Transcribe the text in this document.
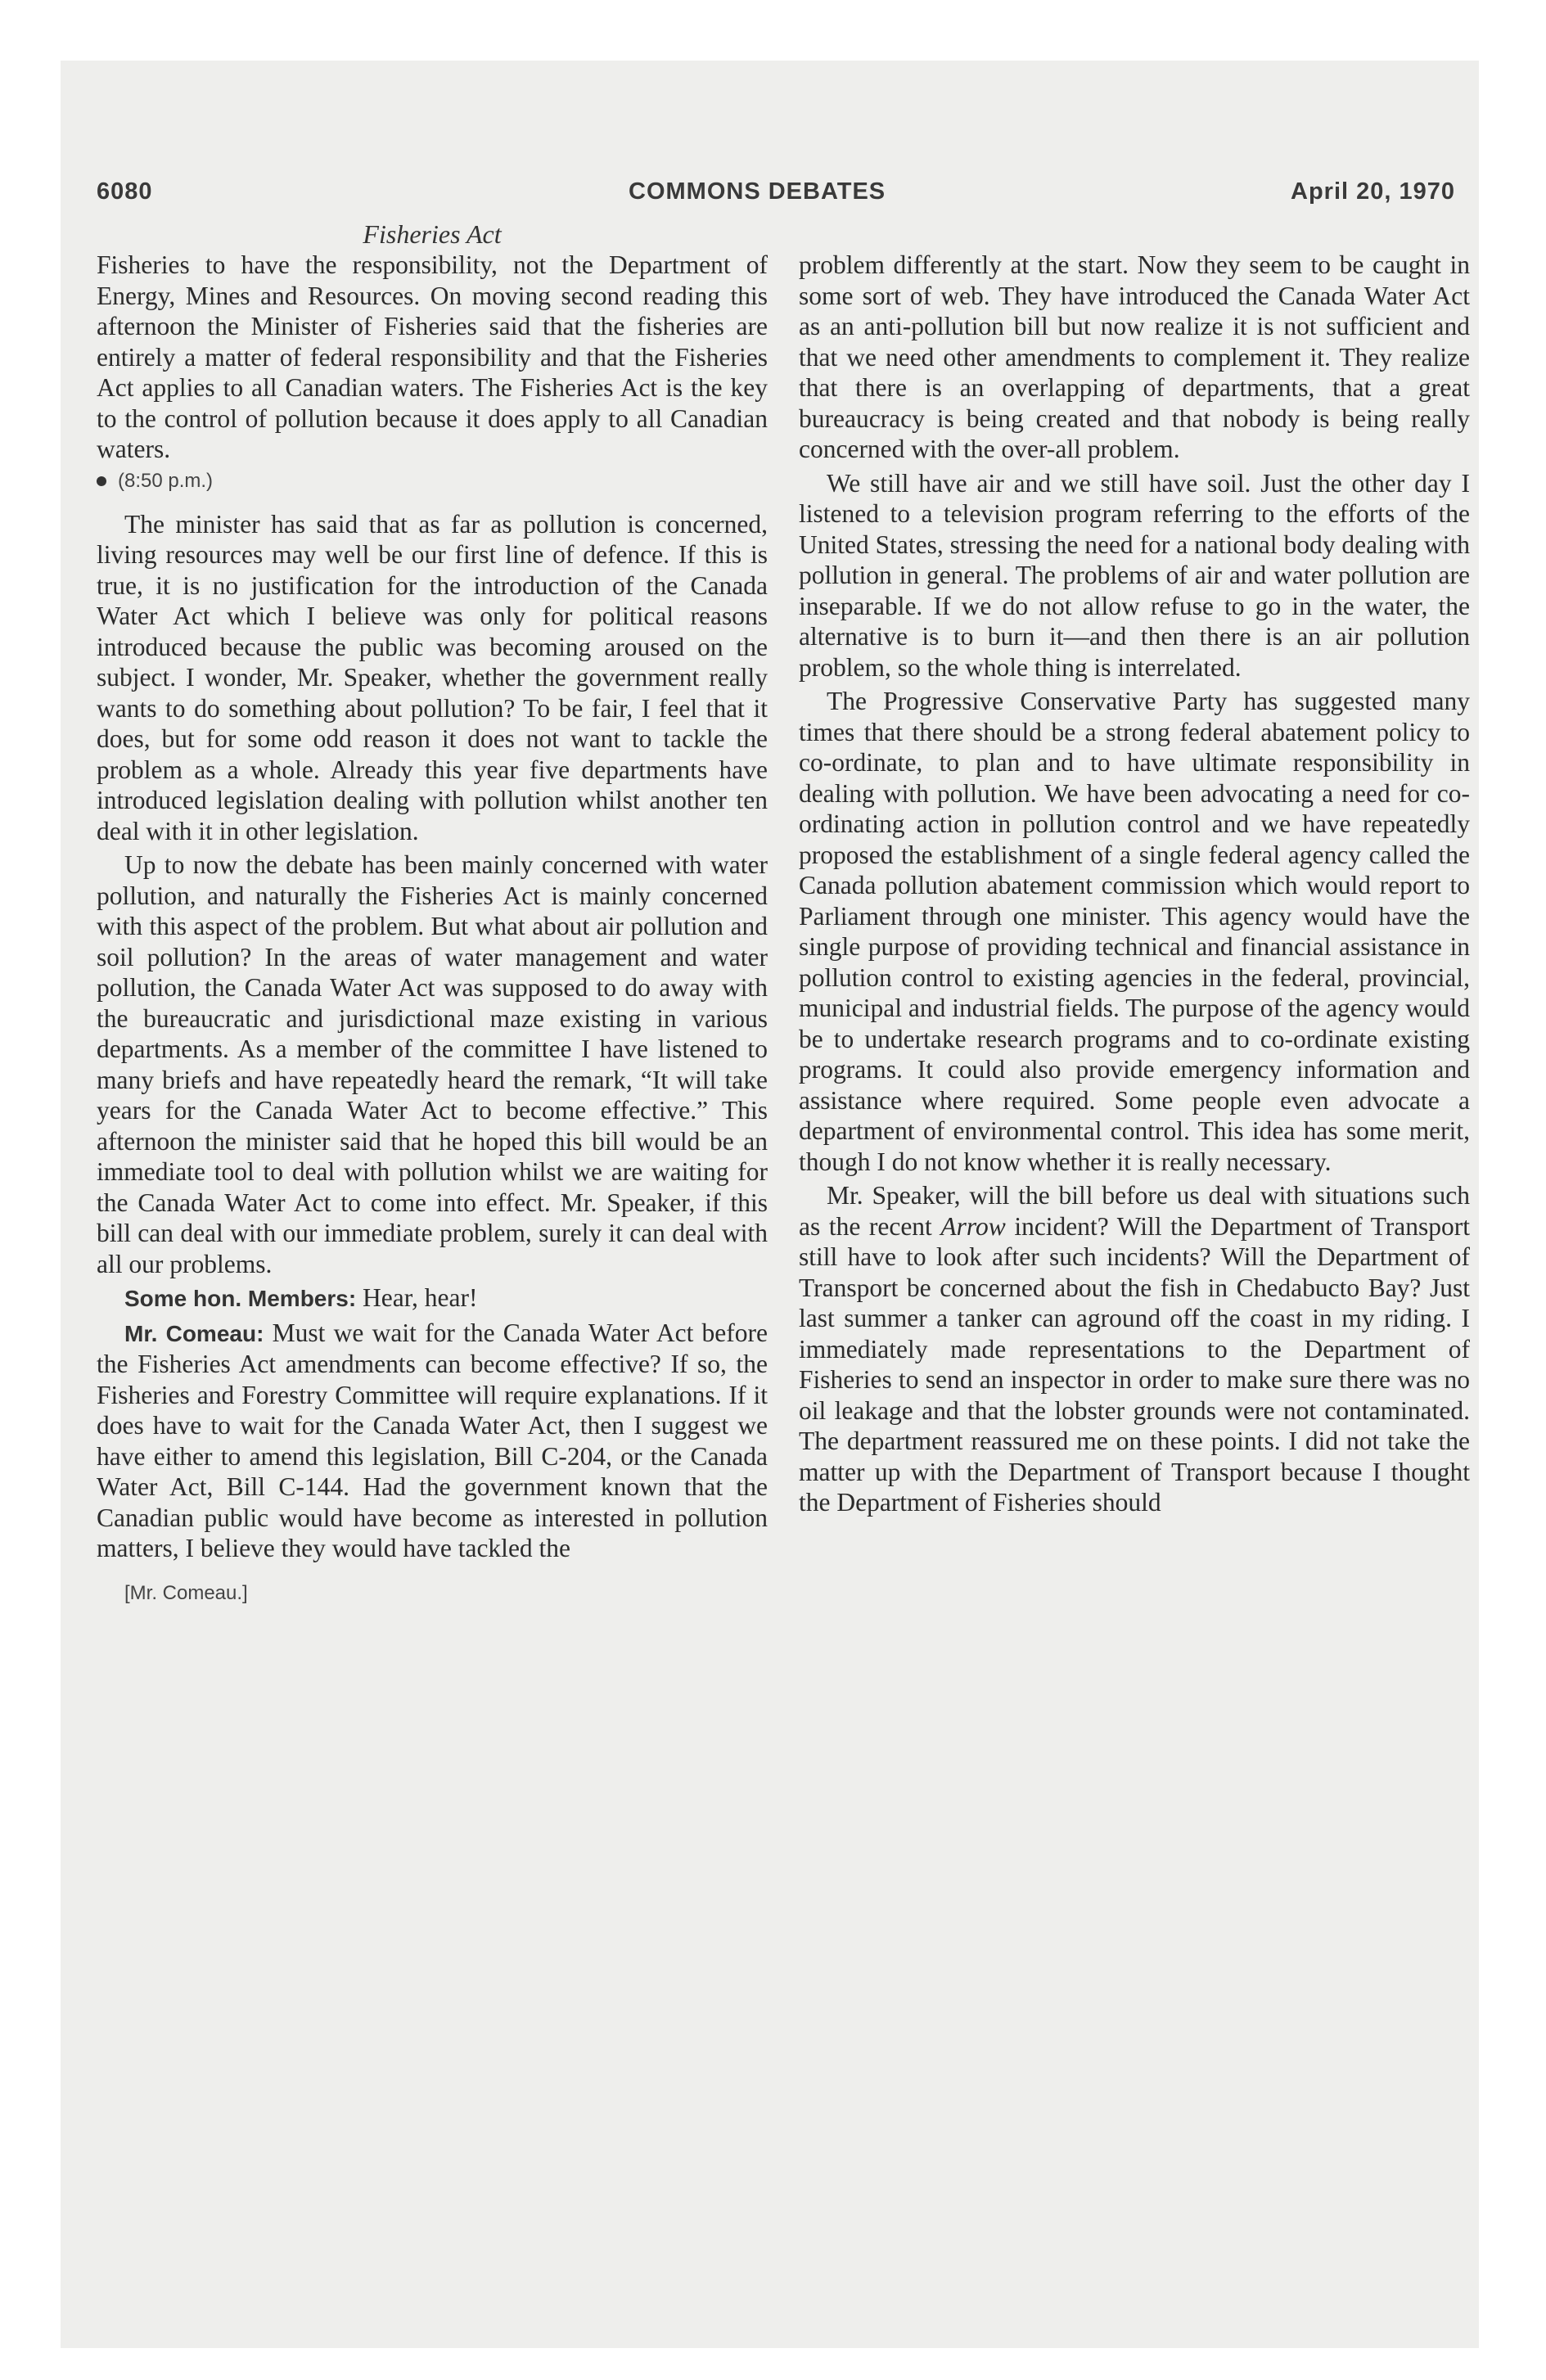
6080	COMMONS DEBATES	April 20, 1970
Fisheries Act

Fisheries to have the responsibility, not the Department of Energy, Mines and Resources. On moving second reading this afternoon the Minister of Fisheries said that the fisheries are entirely a matter of federal responsibility and that the Fisheries Act applies to all Canadian waters. The Fisheries Act is the key to the control of pollution because it does apply to all Canadian waters.

(8:50 p.m.)

The minister has said that as far as pollution is concerned, living resources may well be our first line of defence. If this is true, it is no justification for the introduction of the Canada Water Act which I believe was only for political reasons introduced because the public was becoming aroused on the subject. I wonder, Mr. Speaker, whether the government really wants to do something about pollution? To be fair, I feel that it does, but for some odd reason it does not want to tackle the problem as a whole. Already this year five departments have introduced legislation dealing with pollution whilst another ten deal with it in other legislation.

Up to now the debate has been mainly concerned with water pollution, and naturally the Fisheries Act is mainly concerned with this aspect of the problem. But what about air pollution and soil pollution? In the areas of water management and water pollution, the Canada Water Act was supposed to do away with the bureaucratic and jurisdictional maze existing in various departments. As a member of the committee I have listened to many briefs and have repeatedly heard the remark, “It will take years for the Canada Water Act to become effective.” This afternoon the minister said that he hoped this bill would be an immediate tool to deal with pollution whilst we are waiting for the Canada Water Act to come into effect. Mr. Speaker, if this bill can deal with our immediate problem, surely it can deal with all our problems.

Some hon. Members: Hear, hear!

Mr. Comeau: Must we wait for the Canada Water Act before the Fisheries Act amendments can become effective? If so, the Fisheries and Forestry Committee will require explanations. If it does have to wait for the Canada Water Act, then I suggest we have either to amend this legislation, Bill C-204, or the Canada Water Act, Bill C-144. Had the government known that the Canadian public would have become as interested in pollution matters, I believe they would have tackled the

[Mr. Comeau.]

problem differently at the start. Now they seem to be caught in some sort of web. They have introduced the Canada Water Act as an anti-pollution bill but now realize it is not sufficient and that we need other amendments to complement it. They realize that there is an overlapping of departments, that a great bureaucracy is being created and that nobody is being really concerned with the over-all problem.

We still have air and we still have soil. Just the other day I listened to a television program referring to the efforts of the United States, stressing the need for a national body dealing with pollution in general. The problems of air and water pollution are inseparable. If we do not allow refuse to go in the water, the alternative is to burn it—and then there is an air pollution problem, so the whole thing is interrelated.

The Progressive Conservative Party has suggested many times that there should be a strong federal abatement policy to co-ordinate, to plan and to have ultimate responsibility in dealing with pollution. We have been advocating a need for co-ordinating action in pollution control and we have repeatedly proposed the establishment of a single federal agency called the Canada pollution abatement commission which would report to Parliament through one minister. This agency would have the single purpose of providing technical and financial assistance in pollution control to existing agencies in the federal, provincial, municipal and industrial fields. The purpose of the agency would be to undertake research programs and to co-ordinate existing programs. It could also provide emergency information and assistance where required. Some people even advocate a department of environmental control. This idea has some merit, though I do not know whether it is really necessary.

Mr. Speaker, will the bill before us deal with situations such as the recent Arrow incident? Will the Department of Transport still have to look after such incidents? Will the Department of Transport be concerned about the fish in Chedabucto Bay? Just last summer a tanker can aground off the coast in my riding. I immediately made representations to the Department of Fisheries to send an inspector in order to make sure there was no oil leakage and that the lobster grounds were not contaminated. The department reassured me on these points. I did not take the matter up with the Department of Transport because I thought the Department of Fisheries should
